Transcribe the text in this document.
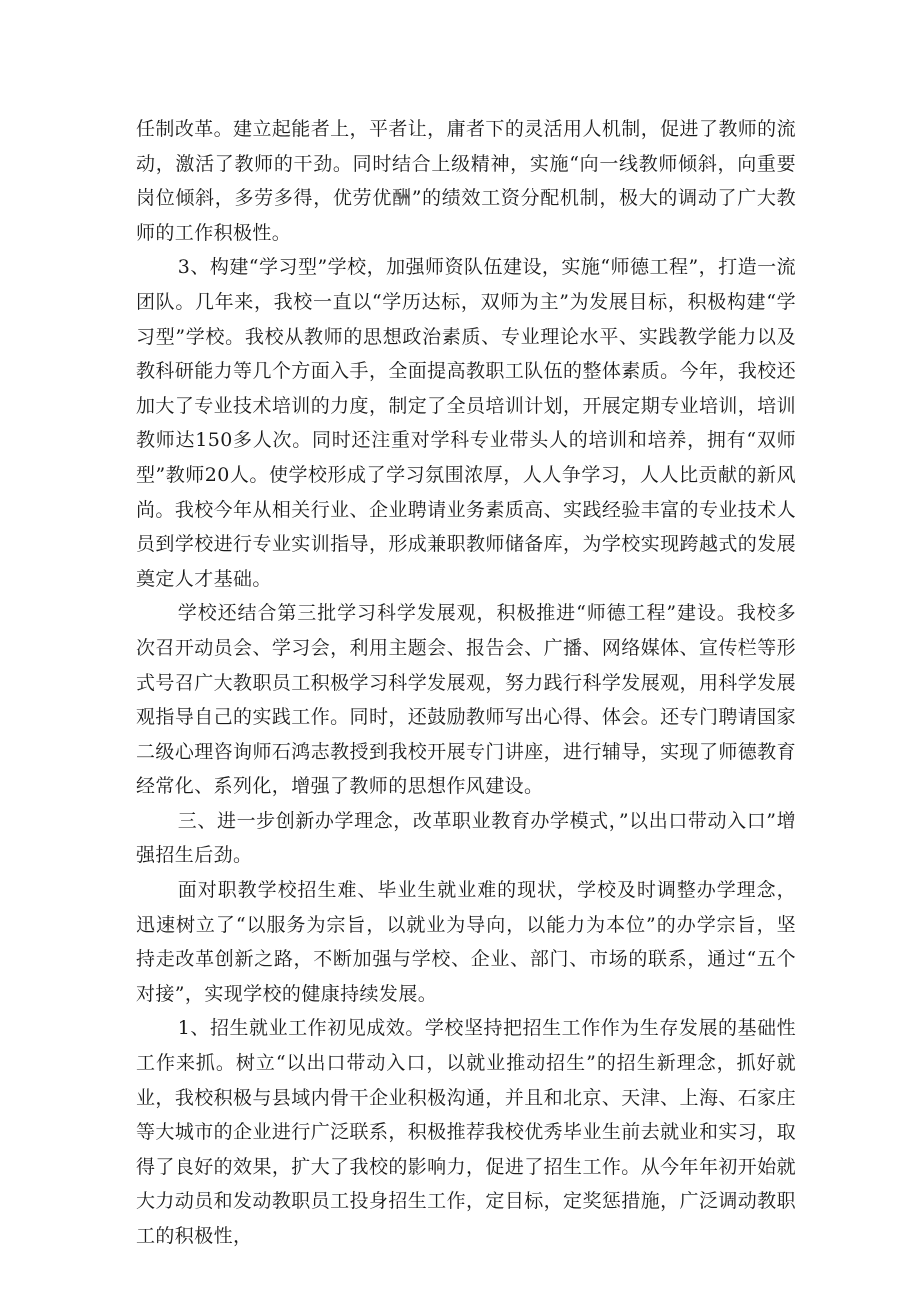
任制改革。建立起能者上，平者让，庸者下的灵活用人机制，促进了教师的流动，激活了教师的干劲。同时结合上级精神，实施“向一线教师倾斜，向重要岗位倾斜，多劳多得，优劳优酬”的绩效工资分配机制，极大的调动了广大教师的工作积极性。

3、构建“学习型”学校，加强师资队伍建设，实施“师德工程”，打造一流团队。几年来，我校一直以“学历达标，双师为主”为发展目标，积极构建“学习型”学校。我校从教师的思想政治素质、专业理论水平、实践教学能力以及教科研能力等几个方面入手，全面提高教职工队伍的整体素质。今年，我校还加大了专业技术培训的力度，制定了全员培训计划，开展定期专业培训，培训教师达150多人次。同时还注重对学科专业带头人的培训和培养，拥有“双师型”教师20人。使学校形成了学习氛围浓厚，人人争学习，人人比贡献的新风尚。我校今年从相关行业、企业聘请业务素质高、实践经验丰富的专业技术人员到学校进行专业实训指导，形成兼职教师储备库，为学校实现跨越式的发展奠定人才基础。

学校还结合第三批学习科学发展观，积极推进“师德工程”建设。我校多次召开动员会、学习会，利用主题会、报告会、广播、网络媒体、宣传栏等形式号召广大教职员工积极学习科学发展观，努力践行科学发展观，用科学发展观指导自己的实践工作。同时，还鼓励教师写出心得、体会。还专门聘请国家二级心理咨询师石鸿志教授到我校开展专门讲座，进行辅导，实现了师德教育经常化、系列化，增强了教师的思想作风建设。

三、进一步创新办学理念，改革职业教育办学模式，”以出口带动入口”增强招生后劲。

面对职教学校招生难、毕业生就业难的现状，学校及时调整办学理念，迅速树立了“以服务为宗旨，以就业为导向，以能力为本位”的办学宗旨，坚持走改革创新之路，不断加强与学校、企业、部门、市场的联系，通过“五个对接”，实现学校的健康持续发展。

1、招生就业工作初见成效。学校坚持把招生工作作为生存发展的基础性工作来抓。树立“以出口带动入口，以就业推动招生”的招生新理念，抓好就业，我校积极与县域内骨干企业积极沟通，并且和北京、天津、上海、石家庄等大城市的企业进行广泛联系，积极推荐我校优秀毕业生前去就业和实习，取得了良好的效果，扩大了我校的影响力，促进了招生工作。从今年年初开始就大力动员和发动教职员工投身招生工作，定目标，定奖惩措施，广泛调动教职工的积极性，
